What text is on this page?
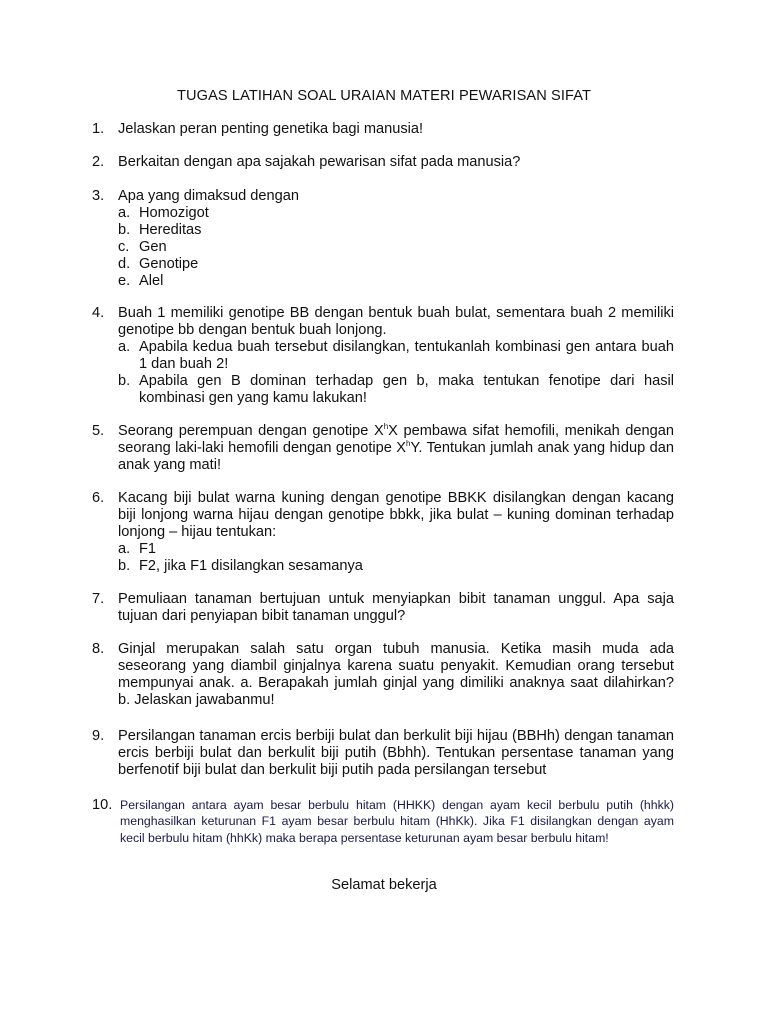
TUGAS LATIHAN SOAL URAIAN MATERI PEWARISAN SIFAT
1. Jelaskan peran penting genetika bagi manusia!
2. Berkaitan dengan apa sajakah pewarisan sifat pada manusia?
3. Apa yang dimaksud dengan
a. Homozigot
b. Hereditas
c. Gen
d. Genotipe
e. Alel
4. Buah 1 memiliki genotipe BB dengan bentuk buah bulat, sementara buah 2 memiliki genotipe bb dengan bentuk buah lonjong.
a. Apabila kedua buah tersebut disilangkan, tentukanlah kombinasi gen antara buah 1 dan buah 2!
b. Apabila gen B dominan terhadap gen b, maka tentukan fenotipe dari hasil kombinasi gen yang kamu lakukan!
5. Seorang perempuan dengan genotipe $X^hX$ pembawa sifat hemofili, menikah dengan seorang laki-laki hemofili dengan genotipe $X^hY$. Tentukan jumlah anak yang hidup dan anak yang mati!
6. Kacang biji bulat warna kuning dengan genotipe BBKK disilangkan dengan kacang biji lonjong warna hijau dengan genotipe bbkk, jika bulat – kuning dominan terhadap lonjong – hijau tentukan:
a. F1
b. F2, jika F1 disilangkan sesamanya
7. Pemuliaan tanaman bertujuan untuk menyiapkan bibit tanaman unggul. Apa saja tujuan dari penyiapan bibit tanaman unggul?
8. Ginjal merupakan salah satu organ tubuh manusia. Ketika masih muda ada seseorang yang diambil ginjalnya karena suatu penyakit. Kemudian orang tersebut mempunyai anak. a. Berapakah jumlah ginjal yang dimiliki anaknya saat dilahirkan? b. Jelaskan jawabanmu!
9. Persilangan tanaman ercis berbiji bulat dan berkulit biji hijau (BBHh) dengan tanaman ercis berbiji bulat dan berkulit biji putih (Bbhh). Tentukan persentase tanaman yang berfenotif biji bulat dan berkulit biji putih pada persilangan tersebut
10. Persilangan antara ayam besar berbulu hitam (HHKK) dengan ayam kecil berbulu putih (hhkk) menghasilkan keturunan F1 ayam besar berbulu hitam (HhKk). Jika F1 disilangkan dengan ayam kecil berbulu hitam (hhKk) maka berapa persentase keturunan ayam besar berbulu hitam!
Selamat bekerja
